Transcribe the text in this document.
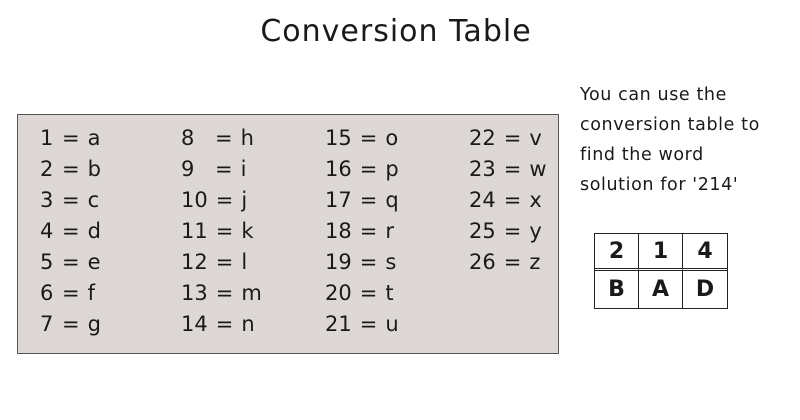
Conversion Table
1 = a
2 = b
3 = c
4 = d
5 = e
6 = f
7 = g
8 = h
9 = i
10 = j
11 = k
12 = l
13 = m
14 = n
15 = o
16 = p
17 = q
18 = r
19 = s
20 = t
21 = u
22 = v
23 = w
24 = x
25 = y
26 = z
You can use the
conversion table to
find the word
solution for '214'
2	1	4
B	A	D
